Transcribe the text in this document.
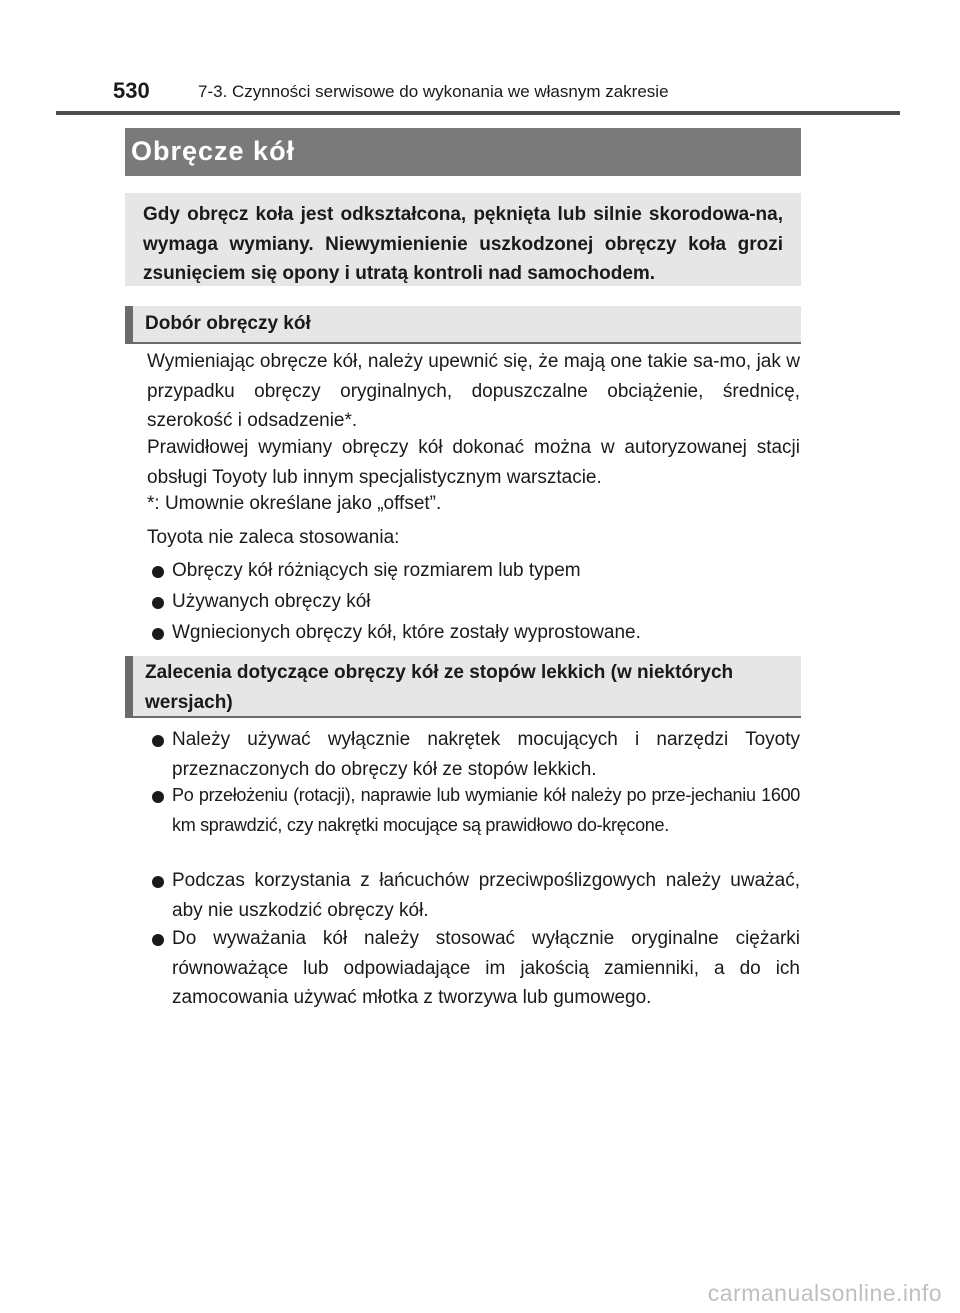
530	7-3. Czynności serwisowe do wykonania we własnym zakresie
Obręcze kół
Gdy obręcz koła jest odkształcona, pęknięta lub silnie skorodowa-na, wymaga wymiany. Niewymienienie uszkodzonej obręczy koła grozi zsunięciem się opony i utratą kontroli nad samochodem.
Dobór obręczy kół
Wymieniając obręcze kół, należy upewnić się, że mają one takie sa-mo, jak w przypadku obręczy oryginalnych, dopuszczalne obciążenie, średnicę, szerokość i odsadzenie*.
Prawidłowej wymiany obręczy kół dokonać można w autoryzowanej stacji obsługi Toyoty lub innym specjalistycznym warsztacie.
*: Umownie określane jako „offset”.
Toyota nie zaleca stosowania:
Obręczy kół różniących się rozmiarem lub typem
Używanych obręczy kół
Wgniecionych obręczy kół, które zostały wyprostowane.
Zalecenia dotyczące obręczy kół ze stopów lekkich (w niektórych wersjach)
Należy używać wyłącznie nakrętek mocujących i narzędzi Toyoty przeznaczonych do obręczy kół ze stopów lekkich.
Po przełożeniu (rotacji), naprawie lub wymianie kół należy po prze-jechaniu 1600 km sprawdzić, czy nakrętki mocujące są prawidłowo do-kręcone.
Podczas korzystania z łańcuchów przeciwpoślizgowych należy uważać, aby nie uszkodzić obręczy kół.
Do wyważania kół należy stosować wyłącznie oryginalne ciężarki równoważące lub odpowiadające im jakością zamienniki, a do ich zamocowania używać młotka z tworzywa lub gumowego.
carmanualsonline.info
